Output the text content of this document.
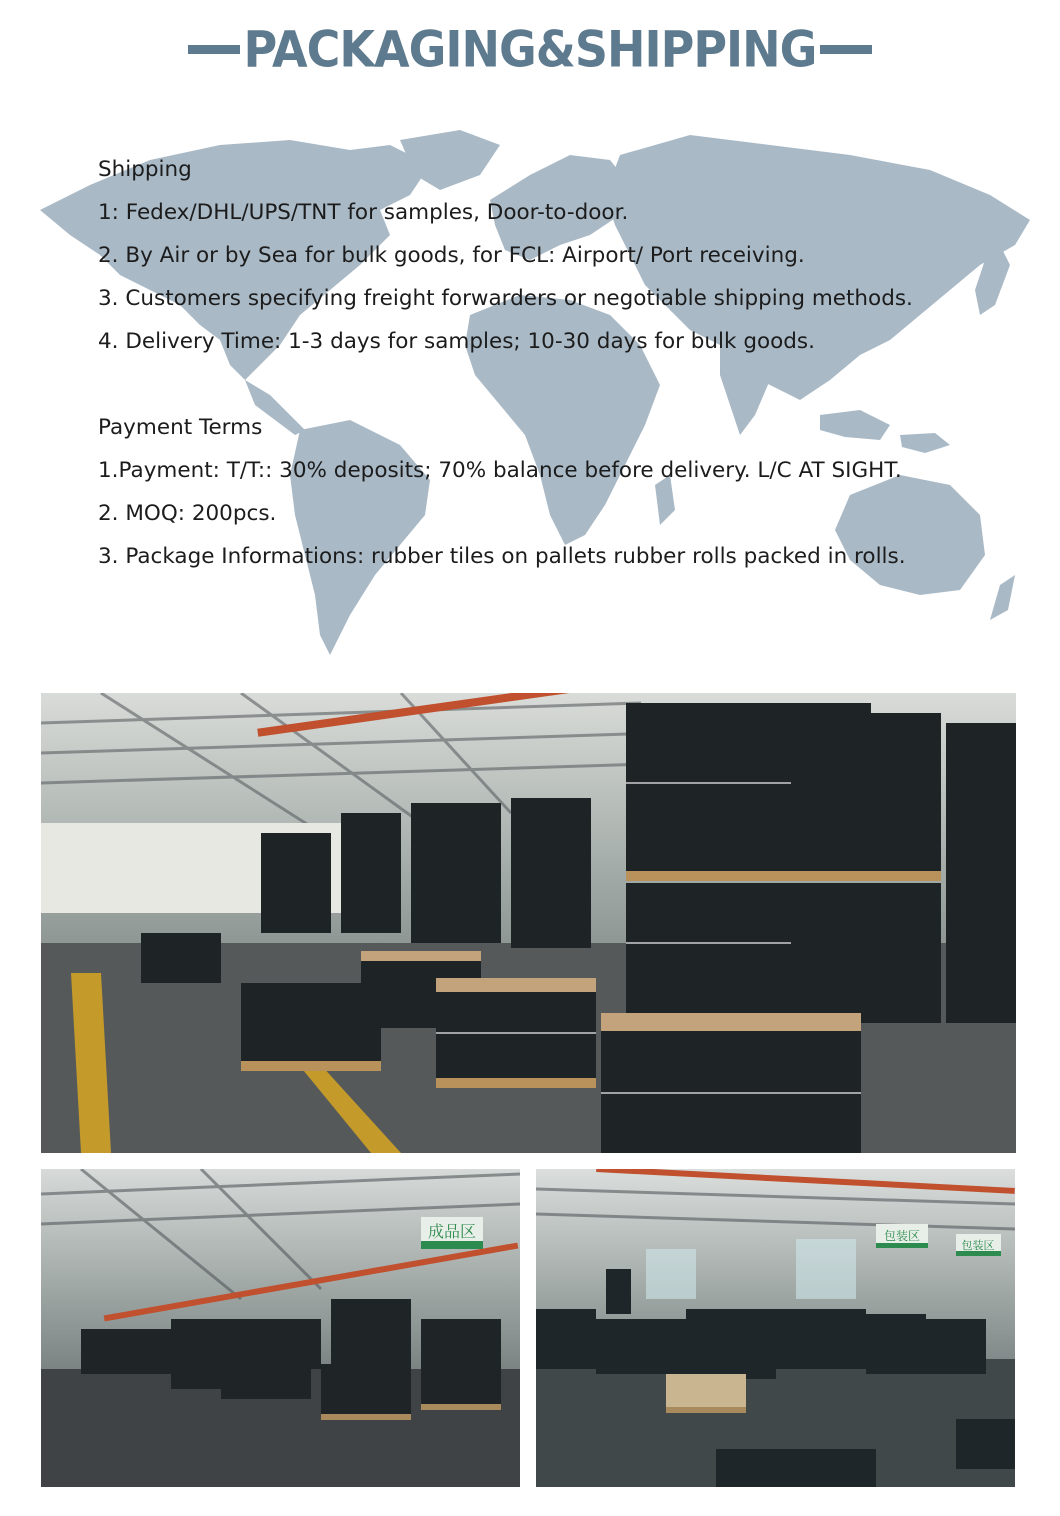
PACKAGING&SHIPPING
Shipping
1: Fedex/DHL/UPS/TNT for samples, Door-to-door.
2. By Air or by Sea for bulk goods, for FCL: Airport/ Port receiving.
3. Customers specifying freight forwarders or negotiable shipping methods.
4. Delivery Time: 1-3 days for samples; 10-30 days for bulk goods.
Payment Terms
1.Payment: T/T:: 30% deposits; 70% balance before delivery. L/C AT SIGHT.
2. MOQ: 200pcs.
3. Package Informations: rubber tiles on pallets rubber rolls packed in rolls.
成品区	包装区
包装区
